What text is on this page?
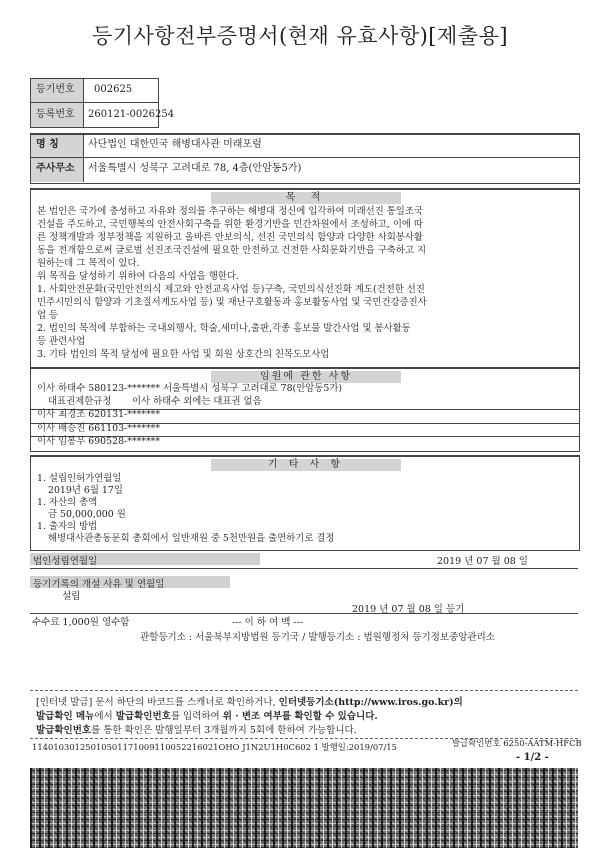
등기사항전부증명서(현재 유효사항)[제출용]
등기번호 002625
등록번호 260121-0026254
명 칭	사단법인 대한민국 해병대사관 미래포럼
주사무소 서울특별시 성북구 고려대로 78, 4층(안암동5가)
목 적
본 법인은 국가에 충성하고 자유와 정의를 추구하는 해병대 정신에 입각하여 미래선진 통일조국
건설을 주도하고, 국민행복의 안전사회구축을 위한 환경기반을 민간차원에서 조성하고, 이에 따
른 정책개발과 정부정책을 지원하고 올바른 안보의식, 선진 국민의식 함양과 다양한 사회봉사활
동을 전개함으로써 글로벌 선진조국건설에 필요한 안전하고 건전한 사회문화기반을 구축하고 지
원하는데 그 목적이 있다.
위 목적을 달성하기 위하여 다음의 사업을 행한다.
1. 사회안전문화(국민안전의식 제고와 안전교육사업 등)구축, 국민의식선진화 계도(건전한 선진
민주시민의식 함양과 기초질서계도사업 등) 및 재난구호활동과 홍보활동사업 및 국민건강증진사
업 등
2. 법인의 목적에 부합하는 국내외행사, 학술,세미나,출판,각종 홍보물 발간사업 및 봉사활동
등 관련사업
3. 기타 법인의 목적 달성에 필요한 사업 및 회원 상호간의 친목도모사업
임원에 관한 사항
이사 하태수 580123-******* 서울특별시 성북구 고려대로 78(안암동5가)
대표권제한규정 이사 하태수 외에는 대표권 없음
이사 최경조 620131-*******
이사 배승진 661103-*******
이사 임봉우 690528-*******
기 타 사 항
1. 설립인허가연월일
2019년 6월 17일
1. 자산의 총액
금 50,000,000 원
1. 출자의 방법
해병대사관총동문회 총회에서 일반재원 중 5천만원을 출연하기로 결정
법인성립연월일	2019 년 07 월 08 일
등기기록의 개설 사유 및 연월일
설립
2019 년 07 월 08 일 등기
수수료 1,000원 영수함	--- 이 하 여 백 ---
관할등기소 : 서울북부지방법원 등기국 / 발행등기소 : 법원행정처 등기정보중앙관리소
[인터넷 발급] 문서 하단의 바코드를 스캐너로 확인하거나, 인터넷등기소(http://www.iros.go.kr)의
발급확인 메뉴에서 발급확인번호를 입력하여 위 · 변조 여부를 확인할 수 있습니다.
발급확인번호를 통한 확인은 발행일부터 3개월까지 5회에 한하여 가능합니다.
11401030125010501171009110052216021OHO J1N2U1H0C602 1 발행일:2019/07/15	발급확인번호 6250-AATM-HFCB
- 1/2 -
